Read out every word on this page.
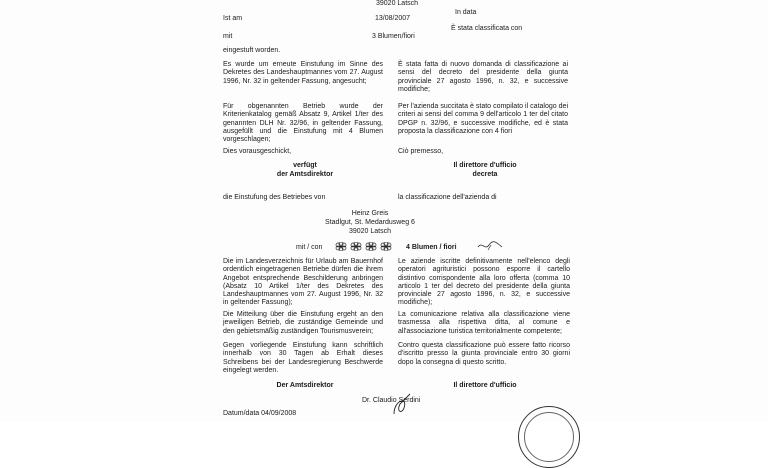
39020 Latsch
In data
Ist am	13/08/2007
È stata classificata con
mit	3 Blumen/fiori
eingestuft worden.
Es wurde um erneute Einstufung im Sinne des Dekretes des Landeshauptmannes vom 27. August 1996, Nr. 32 in geltender Fassung, angesucht;
È stata fatta di nuovo domanda di classificazione ai sensi del decreto del presidente della giunta provinciale 27 agosto 1996, n. 32, e successive modifiche;
Für obgenannten Betrieb wurde der Kriterienkatalog gemäß Absatz 9, Artikel 1/ter des genannten DLH Nr. 32/96, in geltender Fassung, ausgefüllt und die Einstufung mit 4 Blumen vorgeschlagen;
Per l'azienda succitata è stato compilato il catalogo dei criteri ai sensi del comma 9 dell'articolo 1 ter del citato DPGP n. 32/96, e successive modifiche, ed è stata proposta la classificazione con 4 fiori
Dies vorausgeschickt,	Ciò premesso,
verfügt
der Amtsdirektor
Il direttore d'ufficio
decreta
die Einstufung des Betriebes von	la classificazione dell'azienda di
Heinz Greis
Stadlgut, St. Medardusweg 6
39020 Latsch
mit / con	4 Blumen / fiori
Die im Landesverzeichnis für Urlaub am Bauernhof ordentlich eingetragenen Betriebe dürfen die ihrem Angebot entsprechende Beschilderung anbringen (Absatz 10 Artikel 1/ter des Dekretes des Landeshauptmannes vom 27. August 1996, Nr. 32 in geltender Fassung);
Le aziende iscritte definitivamente nell'elenco degli operatori agrituristici possono esporre il cartello distintivo corrispondente alla loro offerta (comma 10 articolo 1 ter del decreto del presidente della giunta provinciale 27 agosto 1996, n. 32, e successive modifiche);
Die Mitteilung über die Einstufung ergeht an den jeweiligen Betrieb, die zuständige Gemeinde und den gebietsmäßig zuständigen Tourismusverein;
La comunicazione relativa alla classificazione viene trasmessa alla rispettiva ditta, al comune e all'associazione turistica territorialmente competente;
Gegen vorliegende Einstufung kann schriftlich innerhalb von 30 Tagen ab Erhalt dieses Schreibens bei der Landesregierung Beschwerde eingelegt werden.
Contro questa classificazione può essere fatto ricorso d'iscritto presso la giunta provinciale entro 30 giorni dopo la consegna di questo scritto.
Der Amtsdirektor	Il direttore d'ufficio
Dr. Claudio Serdini
Datum/data 04/09/2008
